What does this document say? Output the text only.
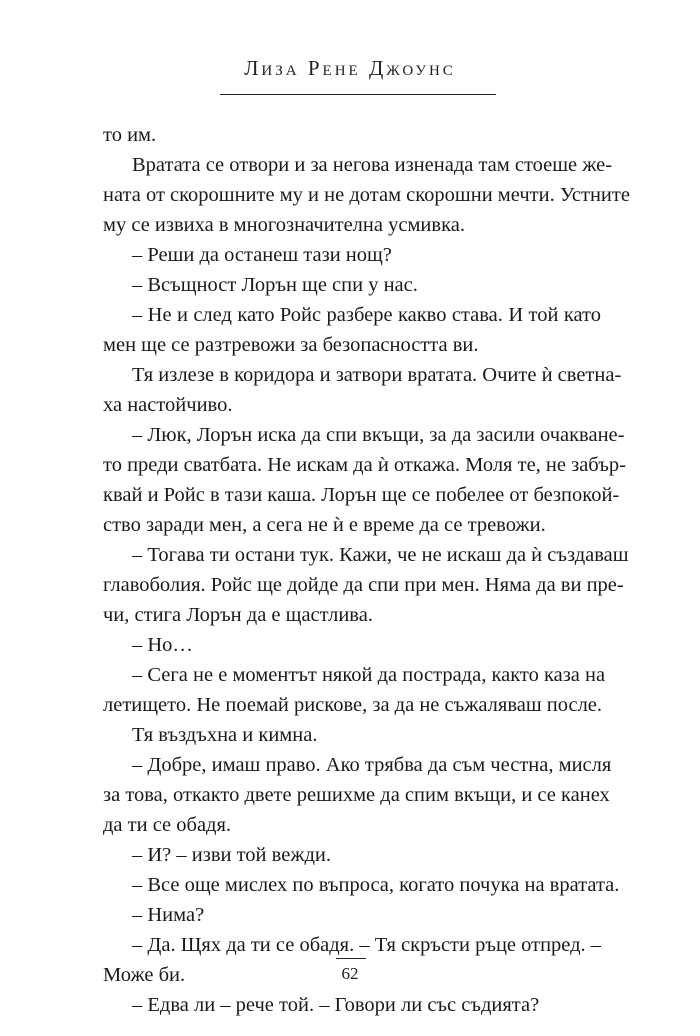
Лиза Рене Джоунс
то им.
Вратата се отвори и за негова изненада там стоеше же-
ната от скорошните му и не дотам скорошни мечти. Устните
му се извиха в многозначителна усмивка.
– Реши да останеш тази нощ?
– Всъщност Лорън ще спи у нас.
– Не и след като Ройс разбере какво става. И той като
мен ще се разтревожи за безопасността ви.
Тя излезе в коридора и затвори вратата. Очите ѝ светна-
ха настойчиво.
– Люк, Лорън иска да спи вкъщи, за да засили очакване-
то преди сватбата. Не искам да ѝ откажа. Моля те, не забър-
квай и Ройс в тази каша. Лорън ще се побелее от безпокой-
ство заради мен, а сега не ѝ е време да се тревожи.
– Тогава ти остани тук. Кажи, че не искаш да ѝ създаваш
главоболия. Ройс ще дойде да спи при мен. Няма да ви пре-
чи, стига Лорън да е щастлива.
– Но…
– Сега не е моментът някой да пострада, както каза на
летището. Не поемай рискове, за да не съжаляваш после.
Тя въздъхна и кимна.
– Добре, имаш право. Ако трябва да съм честна, мисля
за това, откакто двете решихме да спим вкъщи, и се канех
да ти се обадя.
– И? – изви той вежди.
– Все още мислех по въпроса, когато почука на вратата.
– Нима?
– Да. Щях да ти се обадя. – Тя скръсти ръце отпред. –
Може би.
– Едва ли – рече той. – Говори ли със съдията?
62
